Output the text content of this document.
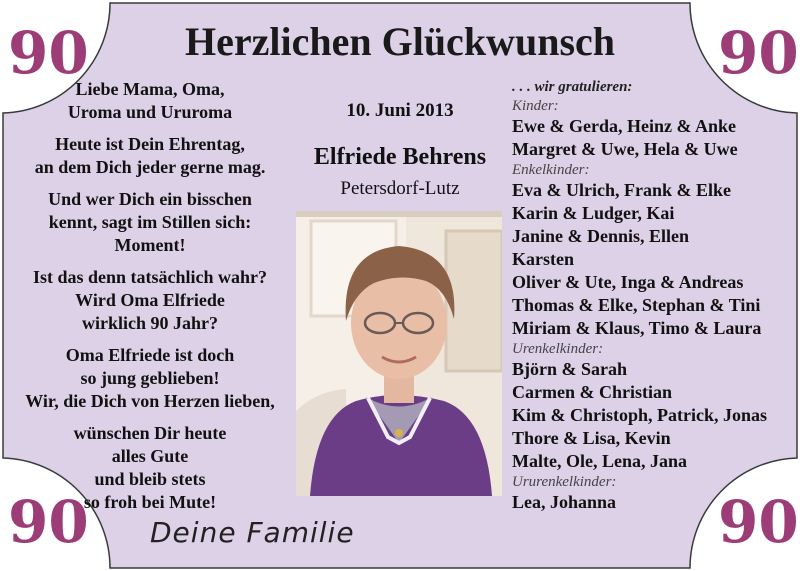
90	90
90	90
Herzlichen Glückwunsch

Liebe Mama, Oma,
Uroma und Ururoma

Heute ist Dein Ehrentag,
an dem Dich jeder gerne mag.

Und wer Dich ein bisschen
kennt, sagt im Stillen sich:
Moment!

Ist das denn tatsächlich wahr?
Wird Oma Elfriede
wirklich 90 Jahr?

Oma Elfriede ist doch
so jung geblieben!
Wir, die Dich von Herzen lieben,

wünschen Dir heute
alles Gute
und bleib stets
so froh bei Mute!

10. Juni 2013
Elfriede Behrens
Petersdorf-Lutz
. . . wir gratulieren:
Kinder:
Ewe & Gerda, Heinz & Anke
Margret & Uwe, Hela & Uwe
Enkelkinder:
Eva & Ulrich, Frank & Elke
Karin & Ludger, Kai
Janine & Dennis, Ellen
Karsten
Oliver & Ute, Inga & Andreas
Thomas & Elke, Stephan & Tini
Miriam & Klaus, Timo & Laura
Urenkelkinder:
Björn & Sarah
Carmen & Christian
Kim & Christoph, Patrick, Jonas
Thore & Lisa, Kevin
Malte, Ole, Lena, Jana
Ururenkelkinder:
Lea, Johanna
Deine Familie
